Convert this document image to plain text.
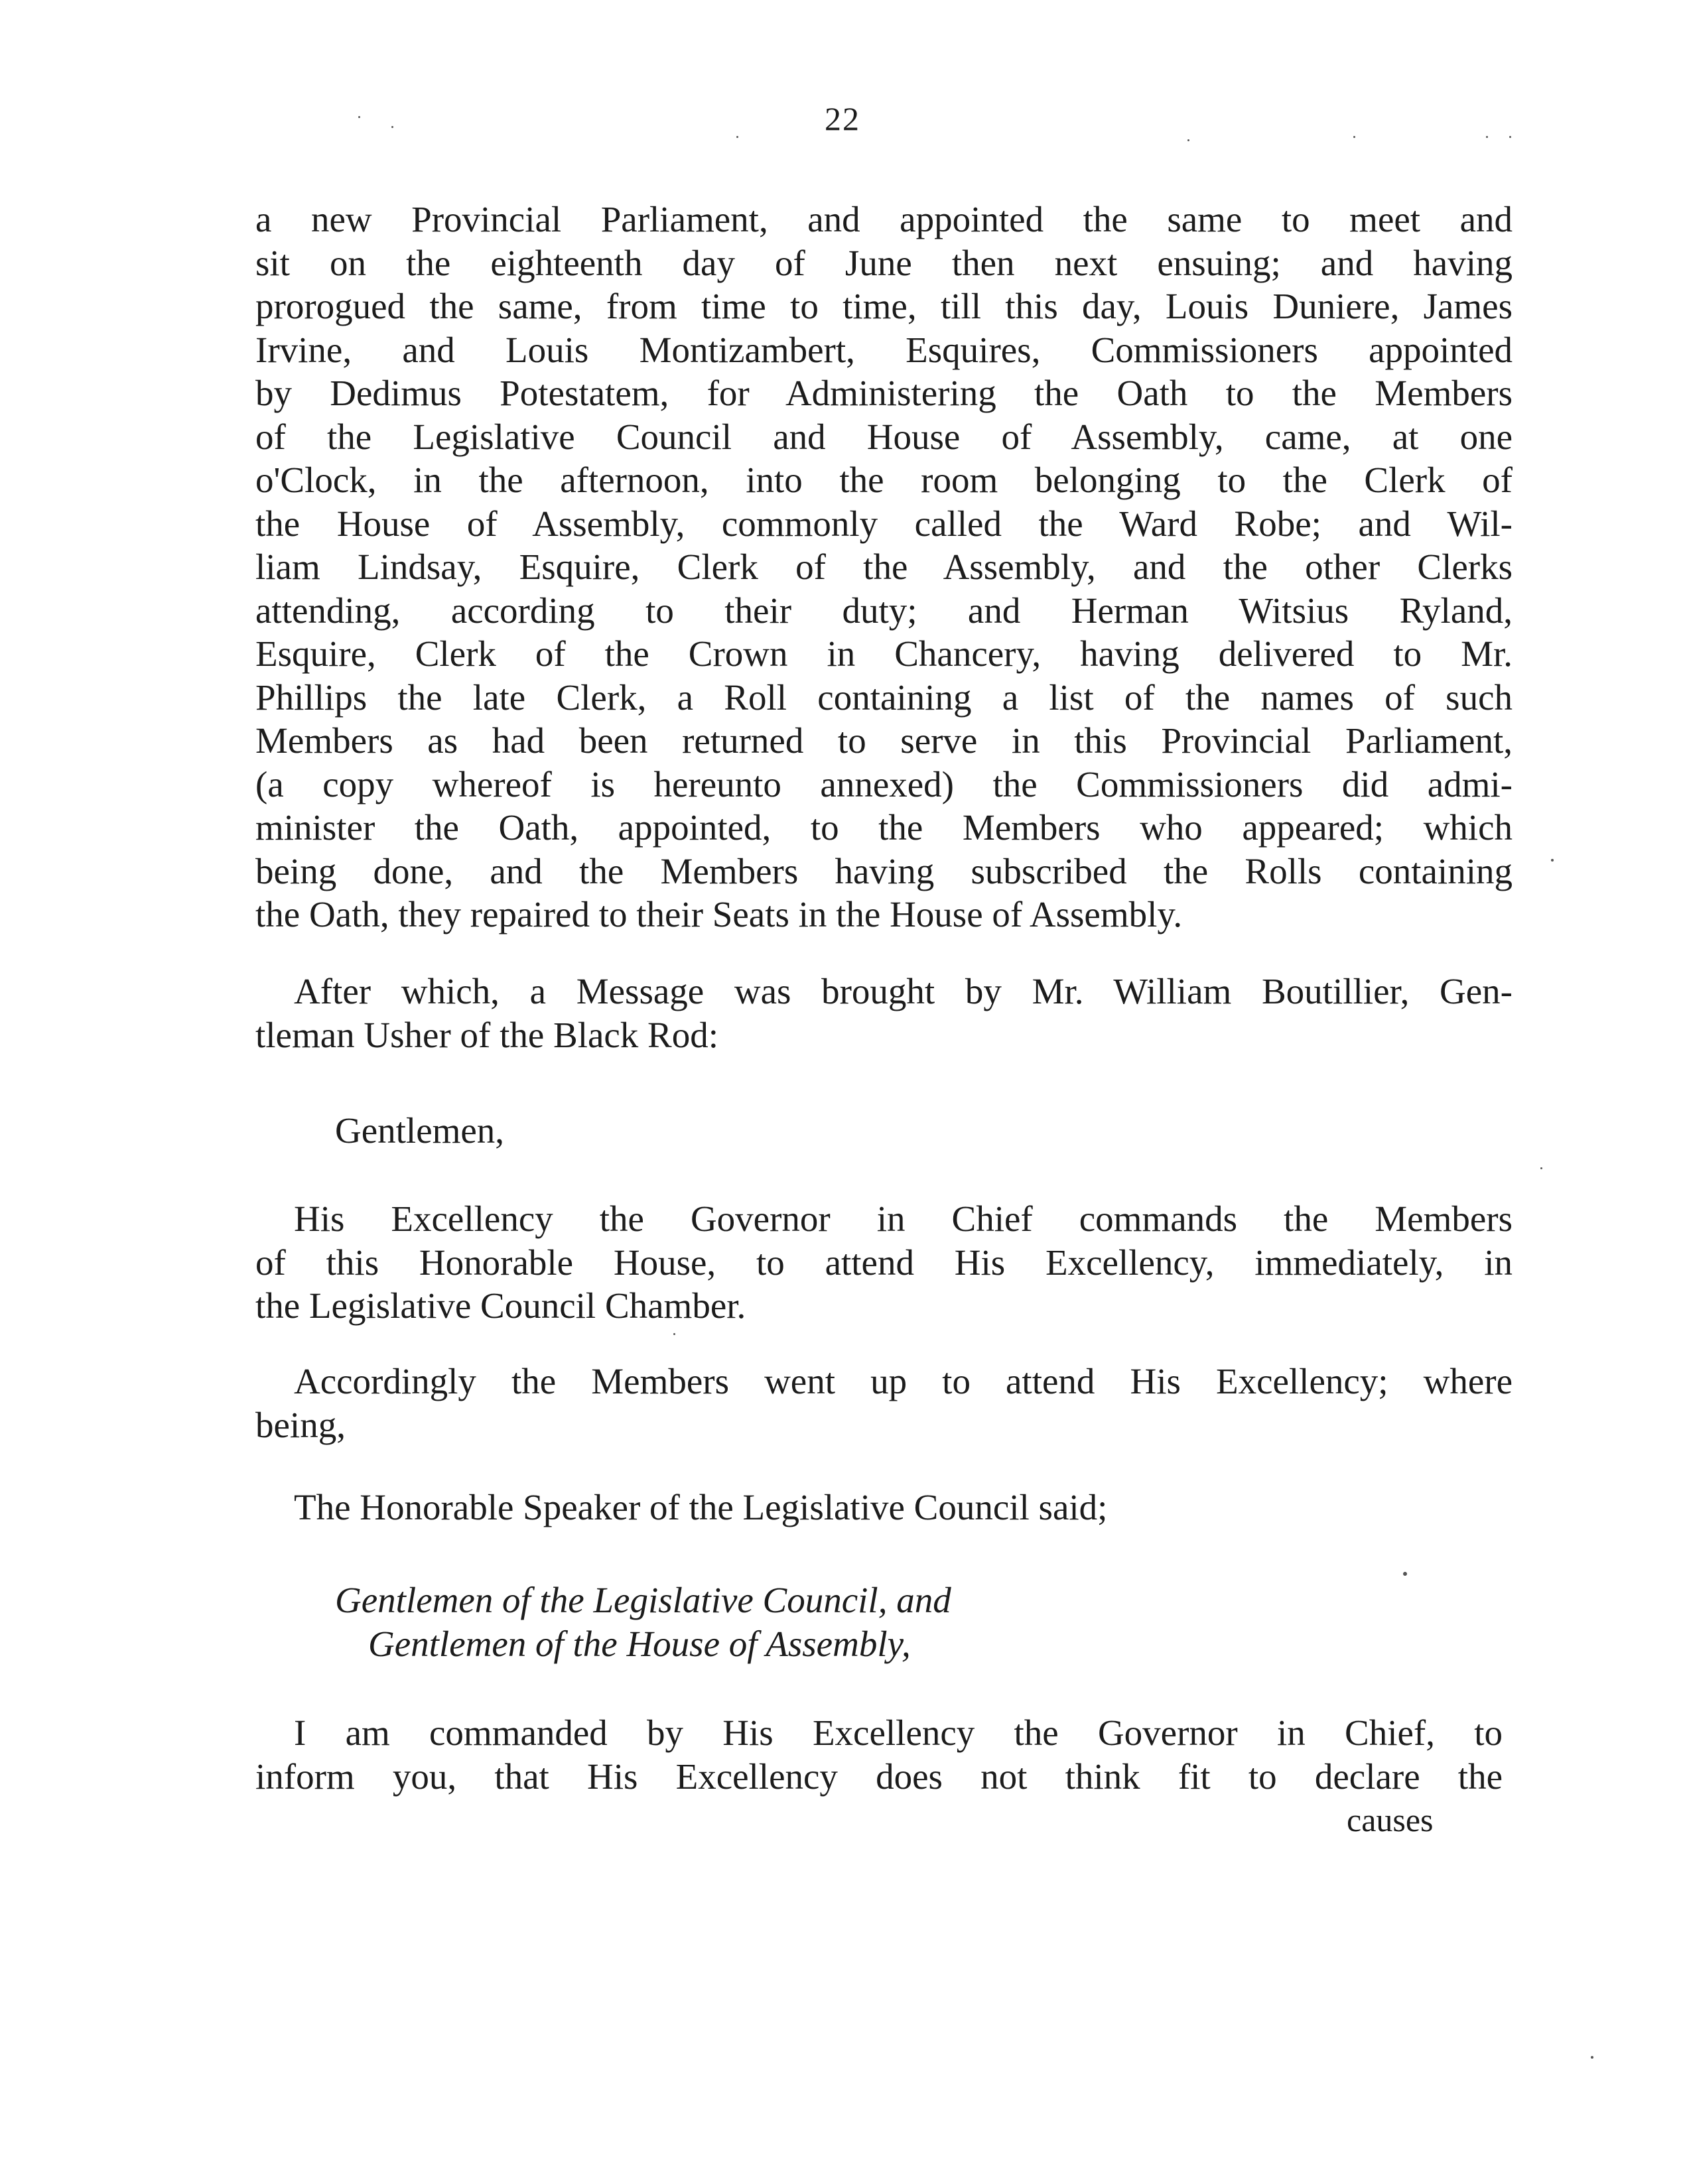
22
a new Provincial Parliament, and appointed the same to meet and
sit on the eighteenth day of June then next ensuing; and having
prorogued the same, from time to time, till this day, Louis Duniere, James
Irvine, and Louis Montizambert, Esquires, Commissioners appointed
by Dedimus Potestatem, for Administering the Oath to the Members
of the Legislative Council and House of Assembly, came, at one
o'Clock, in the afternoon, into the room belonging to the Clerk of
the House of Assembly, commonly called the Ward Robe; and Wil-
liam Lindsay, Esquire, Clerk of the Assembly, and the other Clerks
attending, according to their duty; and Herman Witsius Ryland,
Esquire, Clerk of the Crown in Chancery, having delivered to Mr.
Phillips the late Clerk, a Roll containing a list of the names of such
Members as had been returned to serve in this Provincial Parliament,
(a copy whereof is hereunto annexed) the Commissioners did admi-
minister the Oath, appointed, to the Members who appeared; which
being done, and the Members having subscribed the Rolls containing
the Oath, they repaired to their Seats in the House of Assembly.
After which, a Message was brought by Mr. William Boutillier, Gen-
tleman Usher of the Black Rod:
Gentlemen,
His Excellency the Governor in Chief commands the Members
of this Honorable House, to attend His Excellency, immediately, in
the Legislative Council Chamber.
Accordingly the Members went up to attend His Excellency; where
being,
The Honorable Speaker of the Legislative Council said;
Gentlemen of the Legislative Council, and
Gentlemen of the House of Assembly,
I am commanded by His Excellency the Governor in Chief, to
inform you, that His Excellency does not think fit to declare the
causes
